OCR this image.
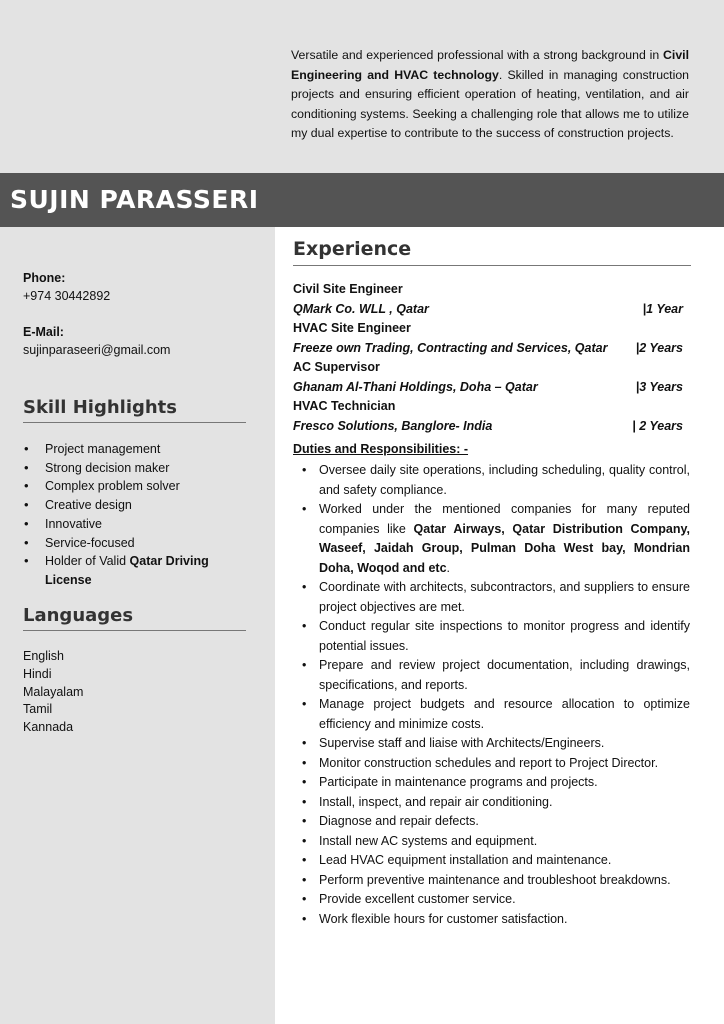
Versatile and experienced professional with a strong background in Civil Engineering and HVAC technology. Skilled in managing construction projects and ensuring efficient operation of heating, ventilation, and air conditioning systems. Seeking a challenging role that allows me to utilize my dual expertise to contribute to the success of construction projects.

SUJIN PARASSERI
Phone:
+974 30442892
E-Mail:
sujinparaseeri@gmail.com
Skill Highlights
• Project management
• Strong decision maker
• Complex problem solver
• Creative design
• Innovative
• Service-focused
• Holder of Valid Qatar Driving License
Languages
English
Hindi
Malayalam
Tamil
Kannada
Experience
Civil Site Engineer
QMark Co. WLL , Qatar	|1 Year
HVAC Site Engineer
Freeze own Trading, Contracting and Services, Qatar |2 Years
AC Supervisor
Ghanam Al-Thani Holdings, Doha – Qatar	|3 Years
HVAC Technician
Fresco Solutions, Banglore- India	| 2 Years
Duties and Responsibilities: -
• Oversee daily site operations, including scheduling, quality control, and safety compliance.
• Worked under the mentioned companies for many reputed companies like Qatar Airways, Qatar Distribution Company, Waseef, Jaidah Group, Pulman Doha West bay, Mondrian Doha, Woqod and etc.
• Coordinate with architects, subcontractors, and suppliers to ensure project objectives are met.
• Conduct regular site inspections to monitor progress and identify potential issues.
• Prepare and review project documentation, including drawings, specifications, and reports.
• Manage project budgets and resource allocation to optimize efficiency and minimize costs.
• Supervise staff and liaise with Architects/Engineers.
• Monitor construction schedules and report to Project Director.
• Participate in maintenance programs and projects.
• Install, inspect, and repair air conditioning.
• Diagnose and repair defects.
• Install new AC systems and equipment.
• Lead HVAC equipment installation and maintenance.
• Perform preventive maintenance and troubleshoot breakdowns.
• Provide excellent customer service.
• Work flexible hours for customer satisfaction.
